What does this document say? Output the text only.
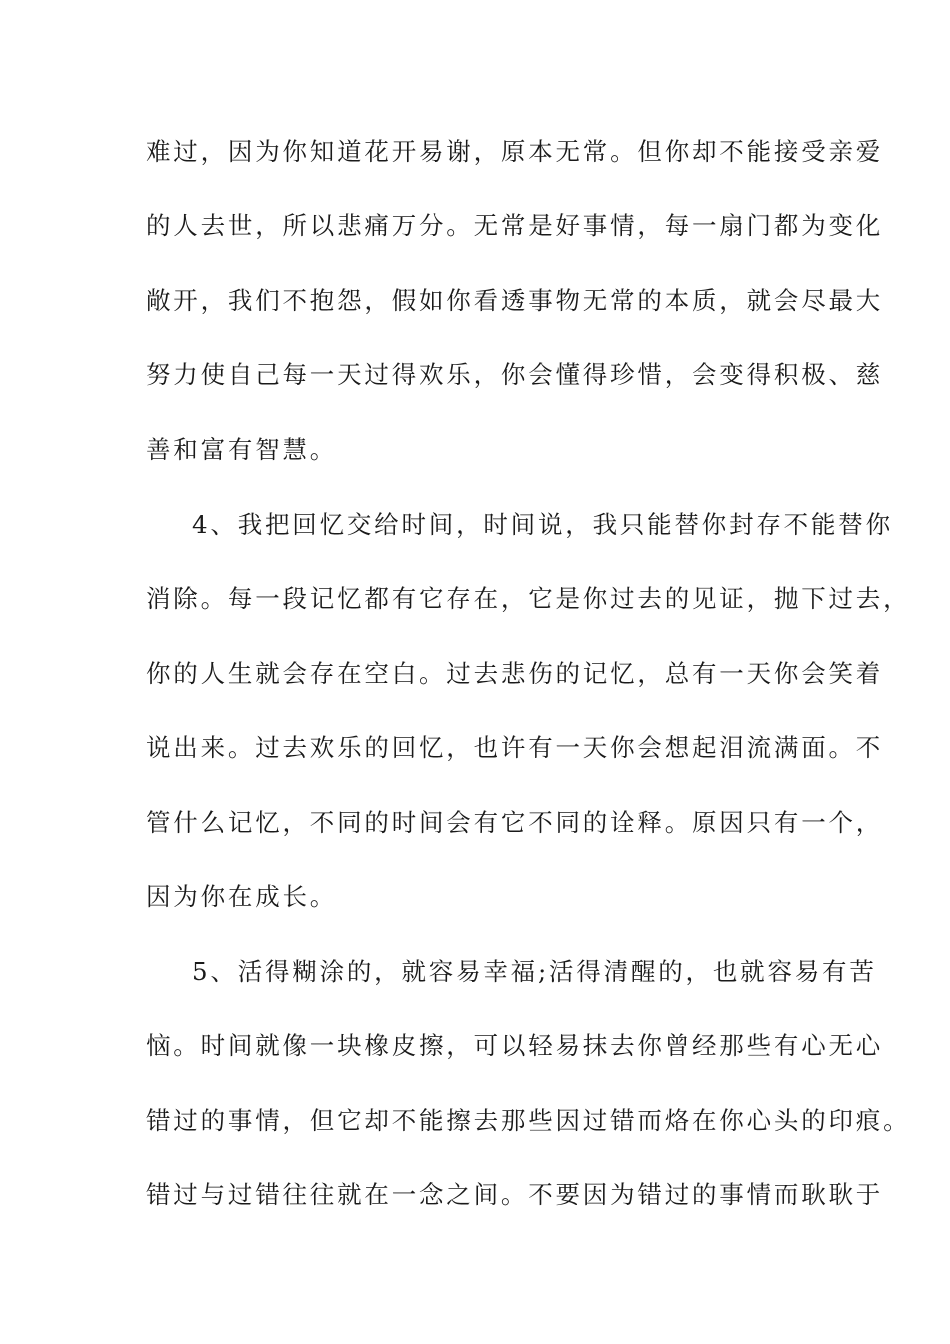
难过，因为你知道花开易谢，原本无常。但你却不能接受亲爱
的人去世，所以悲痛万分。无常是好事情，每一扇门都为变化
敞开，我们不抱怨，假如你看透事物无常的本质，就会尽最大
努力使自己每一天过得欢乐，你会懂得珍惜，会变得积极、慈
善和富有智慧。
4、我把回忆交给时间，时间说，我只能替你封存不能替你
消除。每一段记忆都有它存在，它是你过去的见证，抛下过去，
你的人生就会存在空白。过去悲伤的记忆，总有一天你会笑着
说出来。过去欢乐的回忆，也许有一天你会想起泪流满面。不
管什么记忆，不同的时间会有它不同的诠释。原因只有一个，
因为你在成长。
5、活得糊涂的，就容易幸福;活得清醒的，也就容易有苦
恼。时间就像一块橡皮擦，可以轻易抹去你曾经那些有心无心
错过的事情，但它却不能擦去那些因过错而烙在你心头的印痕。
错过与过错往往就在一念之间。不要因为错过的事情而耿耿于
